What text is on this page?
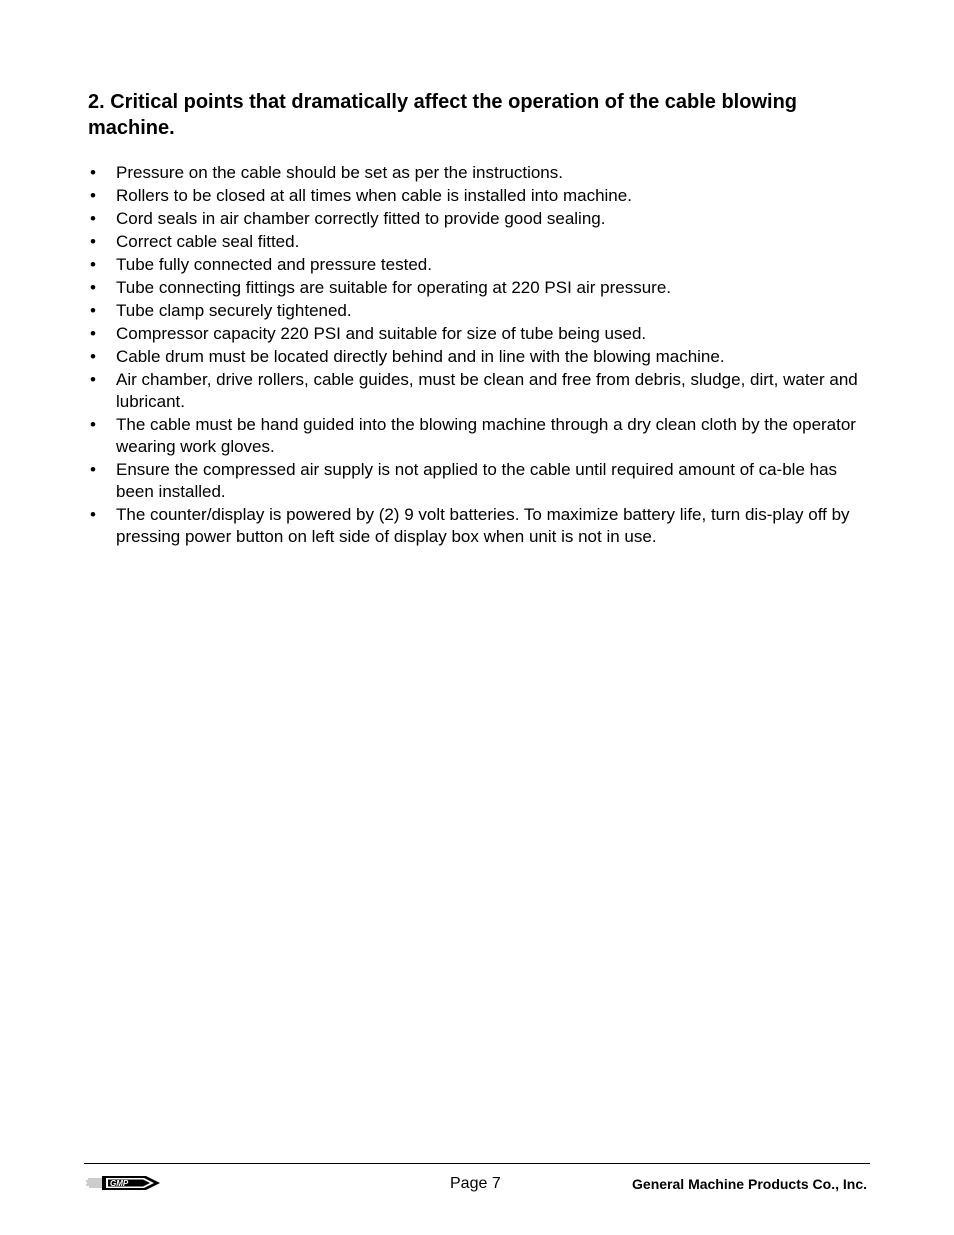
2. Critical points that dramatically affect the operation of the cable blowing machine.
• Pressure on the cable should be set as per the instructions.
• Rollers to be closed at all times when cable is installed into machine.
• Cord seals in air chamber correctly fitted to provide good sealing.
• Correct cable seal fitted.
• Tube fully connected and pressure tested.
• Tube connecting fittings are suitable for operating at 220 PSI air pressure.
• Tube clamp securely tightened.
• Compressor capacity 220 PSI and suitable for size of tube being used.
• Cable drum must be located directly behind and in line with the blowing machine.
• Air chamber, drive rollers, cable guides, must be clean and free from debris, sludge, dirt, water and lubricant.
• The cable must be hand guided into the blowing machine through a dry clean cloth by the operator wearing work gloves.
• Ensure the compressed air supply is not applied to the cable until required amount of ca-ble has been installed.
• The counter/display is powered by (2) 9 volt batteries. To maximize battery life, turn dis-play off by pressing power button on left side of display box when unit is not in use.
GMP	Page 7	General Machine Products Co., Inc.
